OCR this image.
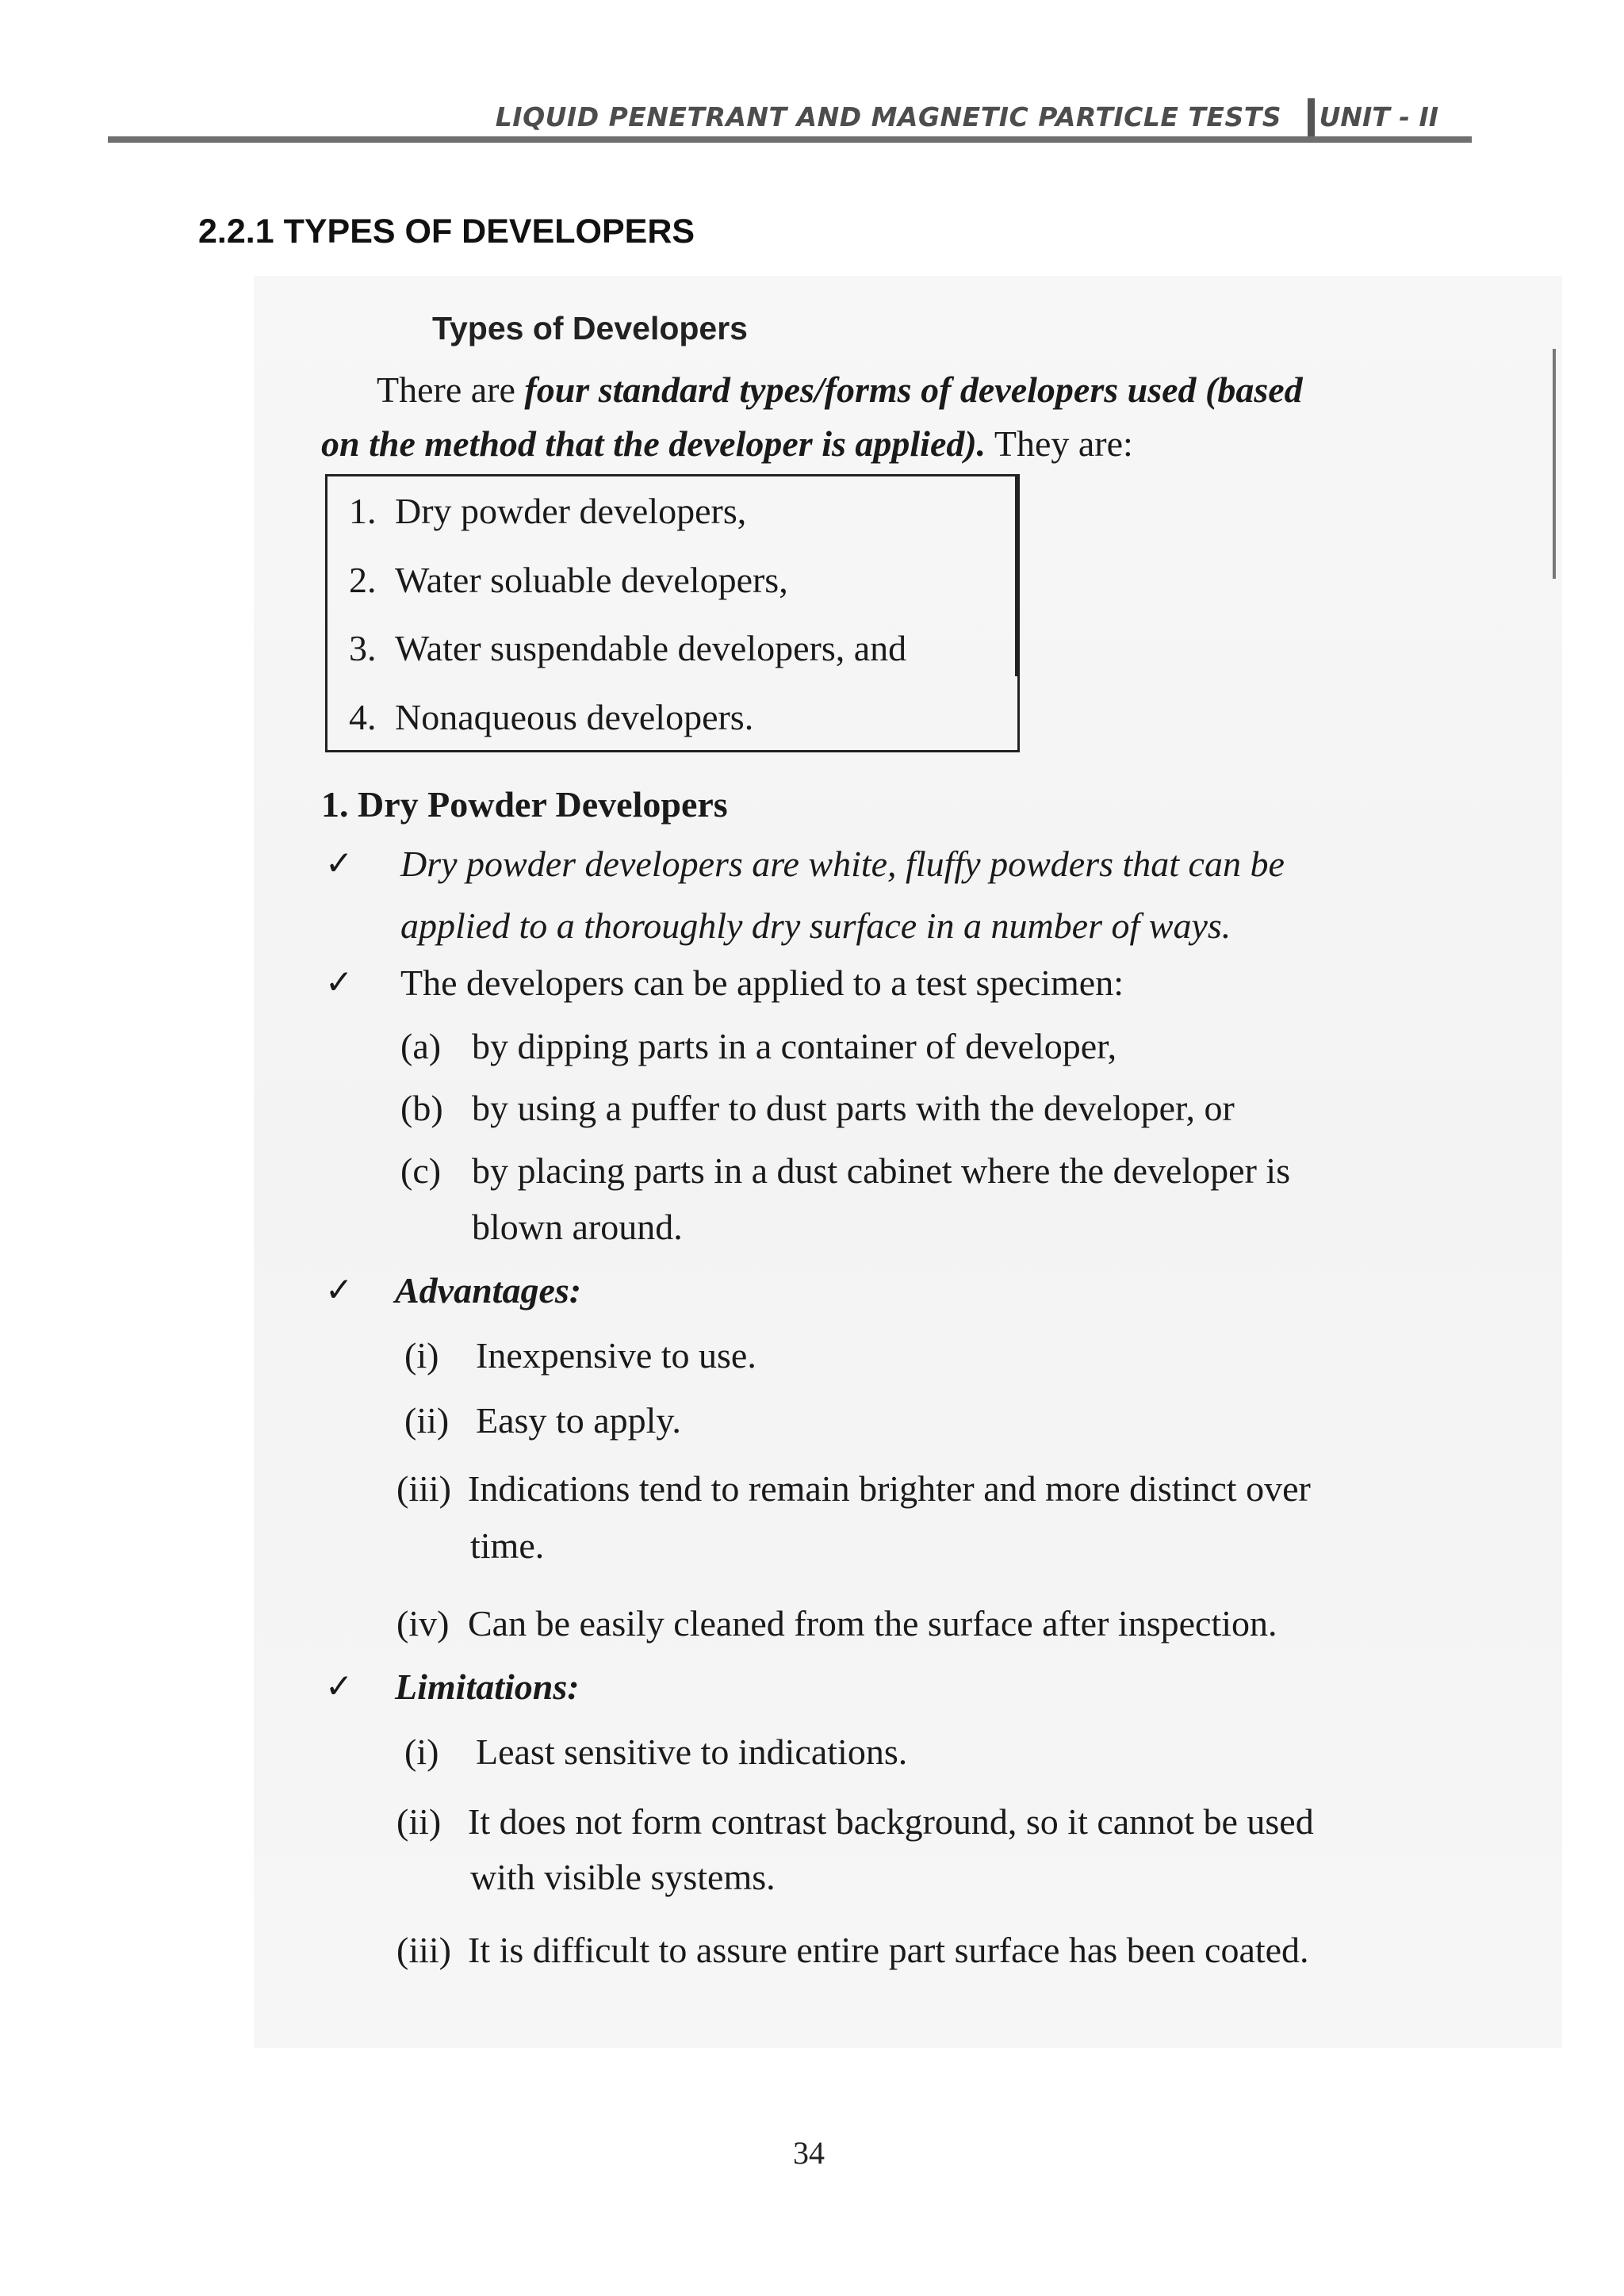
LIQUID PENETRANT AND MAGNETIC PARTICLE TESTS UNIT - II
2.2.1 TYPES OF DEVELOPERS
Types of Developers
There are four standard types/forms of developers used (based
on the method that the developer is applied). They are:
1. Dry powder developers,
2. Water soluable developers,
3. Water suspendable developers, and
4. Nonaqueous developers.
1. Dry Powder Developers
✓ Dry powder developers are white, fluffy powders that can be
applied to a thoroughly dry surface in a number of ways.
✓ The developers can be applied to a test specimen:
(a) by dipping parts in a container of developer,
(b) by using a puffer to dust parts with the developer, or
(c) by placing parts in a dust cabinet where the developer is
blown around.
✓ Advantages:
(i) Inexpensive to use.
(ii) Easy to apply.
(iii) Indications tend to remain brighter and more distinct over
time.
(iv) Can be easily cleaned from the surface after inspection.
✓ Limitations:
(i) Least sensitive to indications.
(ii) It does not form contrast background, so it cannot be used
with visible systems.
(iii) It is difficult to assure entire part surface has been coated.
34
